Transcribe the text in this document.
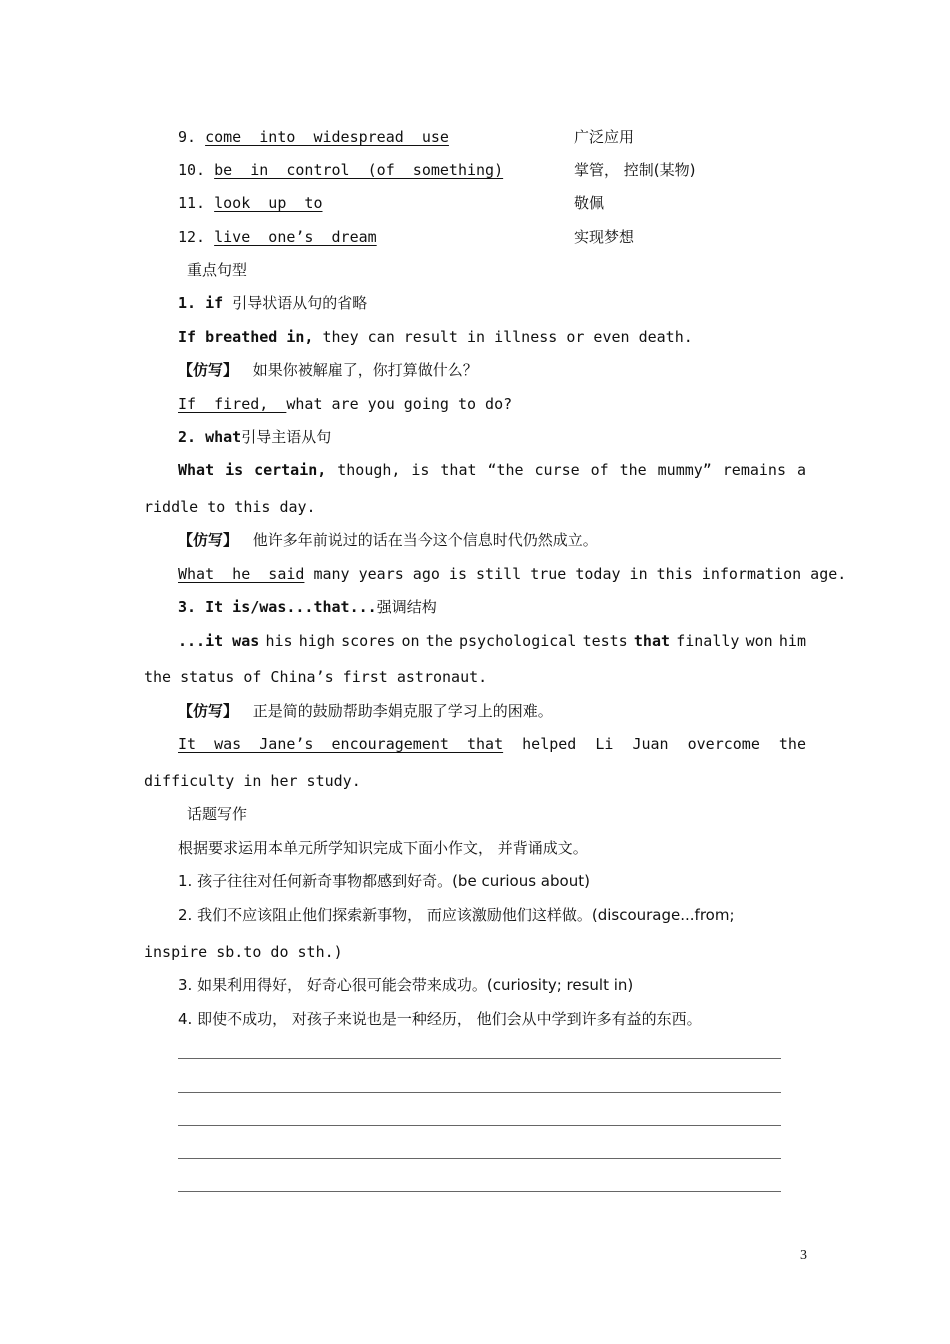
9. come  into  widespread  use	广泛应用
10. be  in  control  (of  something)	掌管， 控制(某物)
11. look  up  to	敬佩
12. live  one’s  dream	实现梦想
重点句型
1. if 引导状语从句的省略
If breathed in, they can result in illness or even death.
【仿写】 如果你被解雇了，你打算做什么？
If  fired,  what are you going to do?
2. what引导主语从句
What is certain, though, is that “the curse of the mummy” remains a
riddle to this day.
【仿写】 他许多年前说过的话在当今这个信息时代仍然成立。
What  he  said many years ago is still true today in this information age.
3. It is/was...that...强调结构
...it was his high scores on the psychological tests that finally won him
the status of China’s first astronaut.
【仿写】 正是简的鼓励帮助李娟克服了学习上的困难。
It  was  Jane’s  encouragement  that helped Li Juan overcome the
difficulty in her study.
话题写作
根据要求运用本单元所学知识完成下面小作文， 并背诵成文。
1. 孩子往往对任何新奇事物都感到好奇。(be curious about)
2. 我们不应该阻止他们探索新事物， 而应该激励他们这样做。(discourage...from;
inspire sb.to do sth.)
3. 如果利用得好， 好奇心很可能会带来成功。(curiosity; result in)
4. 即使不成功， 对孩子来说也是一种经历， 他们会从中学到许多有益的东西。
3
